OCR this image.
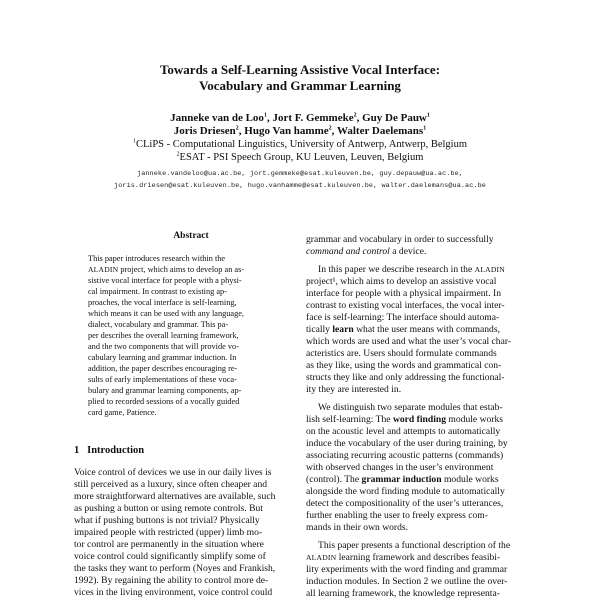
Towards a Self-Learning Assistive Vocal Interface:
Vocabulary and Grammar Learning
Janneke van de Loo$^1$, Jort F. Gemmeke$^2$, Guy De Pauw$^1$
Joris Driesen$^2$, Hugo Van hamme$^2$, Walter Daelemans$^1$
$^1$CLiPS - Computational Linguistics, University of Antwerp, Antwerp, Belgium
$^2$ESAT - PSI Speech Group, KU Leuven, Leuven, Belgium
janneke.vandeloo@ua.ac.be, jort.gemmeke@esat.kuleuven.be, guy.depauw@ua.ac.be,
joris.driesen@esat.kuleuven.be, hugo.vanhamme@esat.kuleuven.be, walter.daelemans@ua.ac.be
Abstract
This paper introduces research within the
ALADIN project, which aims to develop an as-
sistive vocal interface for people with a physi-
cal impairment. In contrast to existing ap-
proaches, the vocal interface is self-learning,
which means it can be used with any language,
dialect, vocabulary and grammar. This pa-
per describes the overall learning framework,
and the two components that will provide vo-
cabulary learning and grammar induction. In
addition, the paper describes encouraging re-
sults of early implementations of these voca-
bulary and grammar learning components, ap-
plied to recorded sessions of a vocally guided
card game, Patience.
1   Introduction
Voice control of devices we use in our daily lives is
still perceived as a luxury, since often cheaper and
more straightforward alternatives are available, such
as pushing a button or using remote controls. But
what if pushing buttons is not trivial? Physically
impaired people with restricted (upper) limb mo-
tor control are permanently in the situation where
voice control could significantly simplify some of
the tasks they want to perform (Noyes and Frankish,
1992). By regaining the ability to control more de-
vices in the living environment, voice control could
grammar and vocabulary in order to successfully
command and control a device.
In this paper we describe research in the ALADIN
project¹, which aims to develop an assistive vocal
interface for people with a physical impairment. In
contrast to existing vocal interfaces, the vocal inter-
face is self-learning: The interface should automa-
tically learn what the user means with commands,
which words are used and what the user’s vocal char-
acteristics are. Users should formulate commands
as they like, using the words and grammatical con-
structs they like and only addressing the functional-
ity they are interested in.
We distinguish two separate modules that estab-
lish self-learning: The word finding module works
on the acoustic level and attempts to automatically
induce the vocabulary of the user during training, by
associating recurring acoustic patterns (commands)
with observed changes in the user’s environment
(control). The grammar induction module works
alongside the word finding module to automatically
detect the compositionality of the user’s utterances,
further enabling the user to freely express com-
mands in their own words.
This paper presents a functional description of the
ALADIN learning framework and describes feasibi-
lity experiments with the word finding and grammar
induction modules. In Section 2 we outline the over-
all learning framework, the knowledge representa-
